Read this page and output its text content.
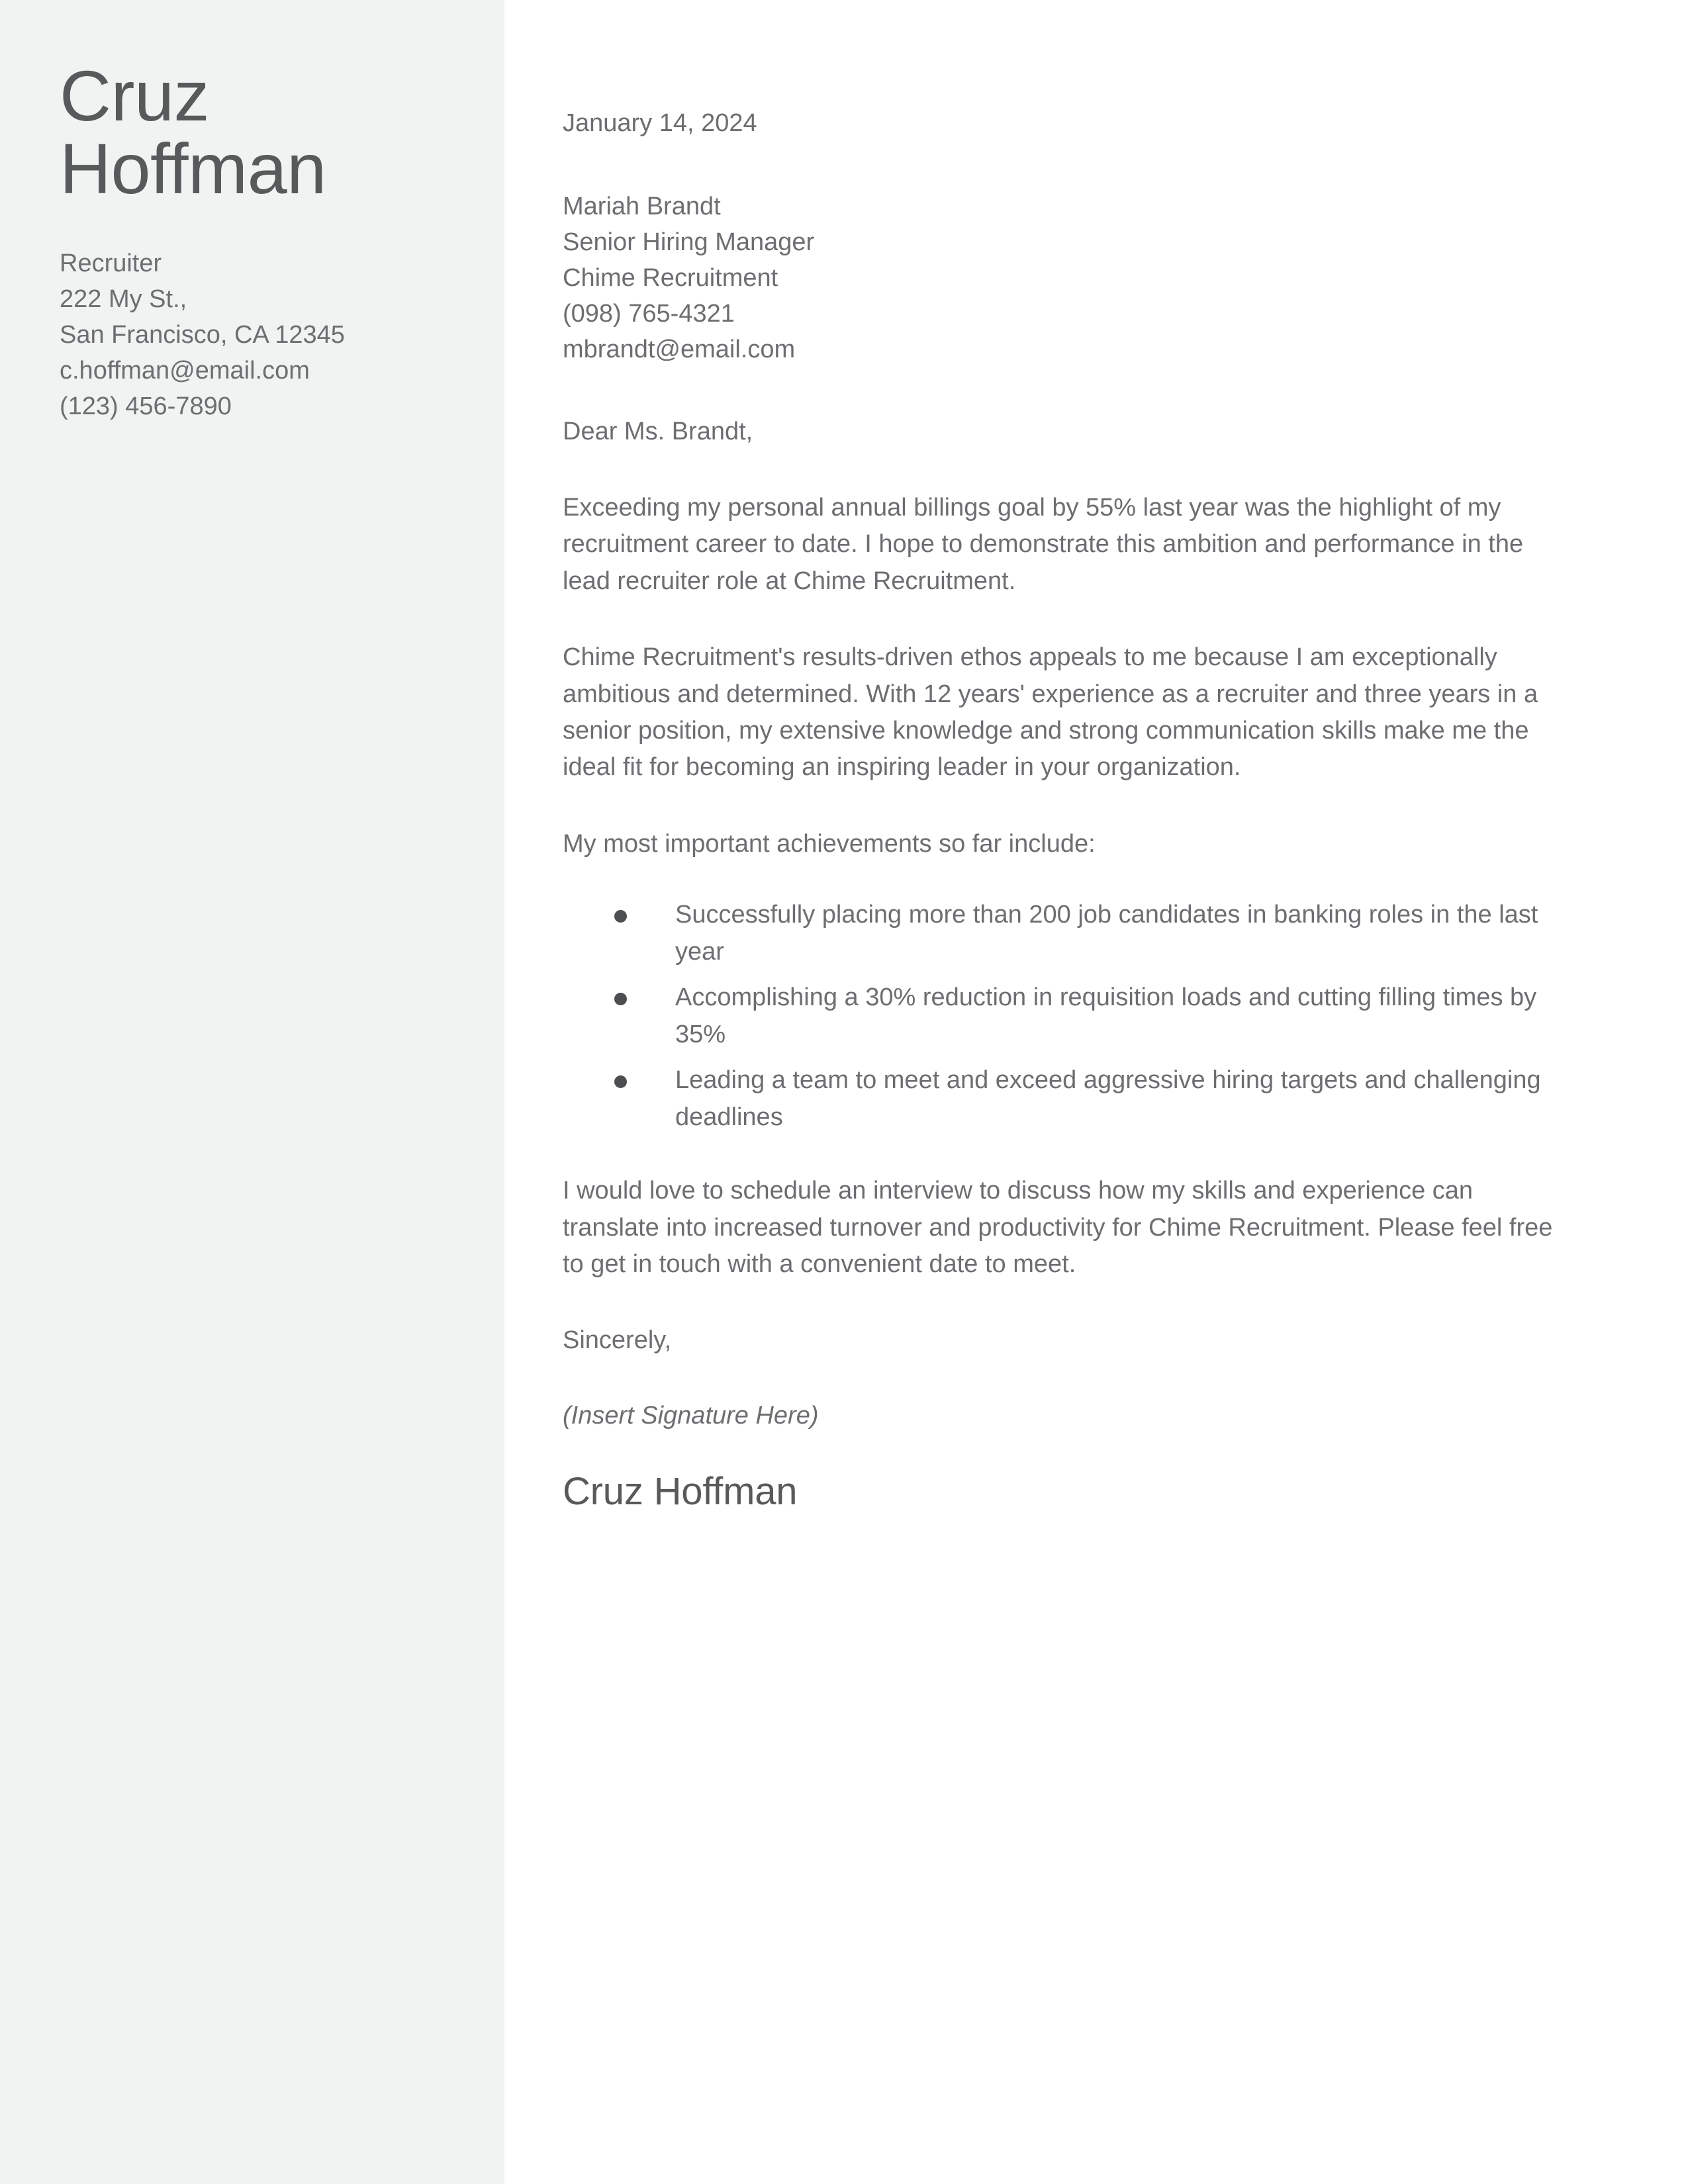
Cruz
Hoffman
Recruiter
222 My St.,
San Francisco, CA 12345
c.hoffman@email.com
(123) 456-7890
January 14, 2024
Mariah Brandt
Senior Hiring Manager
Chime Recruitment
(098) 765-4321
mbrandt@email.com
Dear Ms. Brandt,

Exceeding my personal annual billings goal by 55% last year was the highlight of my recruitment career to date. I hope to demonstrate this ambition and performance in the lead recruiter role at Chime Recruitment.

Chime Recruitment's results-driven ethos appeals to me because I am exceptionally ambitious and determined. With 12 years' experience as a recruiter and three years in a senior position, my extensive knowledge and strong communication skills make me the ideal fit for becoming an inspiring leader in your organization.

My most important achievements so far include:

Successfully placing more than 200 job candidates in banking roles in the last year
Accomplishing a 30% reduction in requisition loads and cutting filling times by 35%
Leading a team to meet and exceed aggressive hiring targets and challenging deadlines

I would love to schedule an interview to discuss how my skills and experience can translate into increased turnover and productivity for Chime Recruitment. Please feel free to get in touch with a convenient date to meet.

Sincerely,
(Insert Signature Here)
Cruz Hoffman
